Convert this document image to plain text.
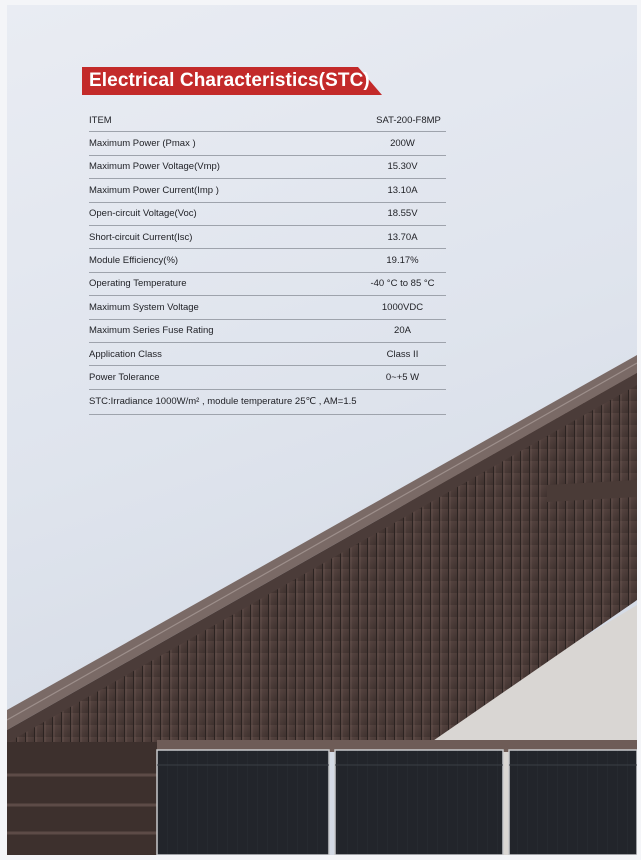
Electrical Characteristics(STC)
ITEM	SAT-200-F8MP
Maximum Power (Pmax )	200W
Maximum Power Voltage(Vmp)	15.30V
Maximum Power Current(Imp )	13.10A
Open-circuit Voltage(Voc)	18.55V
Short-circuit Current(Isc)	13.70A
Module Efficiency(%)	19.17%
Operating Temperature	-40 °C to 85 °C
Maximum System Voltage	1000VDC
Maximum Series Fuse Rating	20A
Application Class	Class II
Power Tolerance	0~+5 W
STC:Irradiance 1000W/m² , module temperature 25℃ , AM=1.5	
